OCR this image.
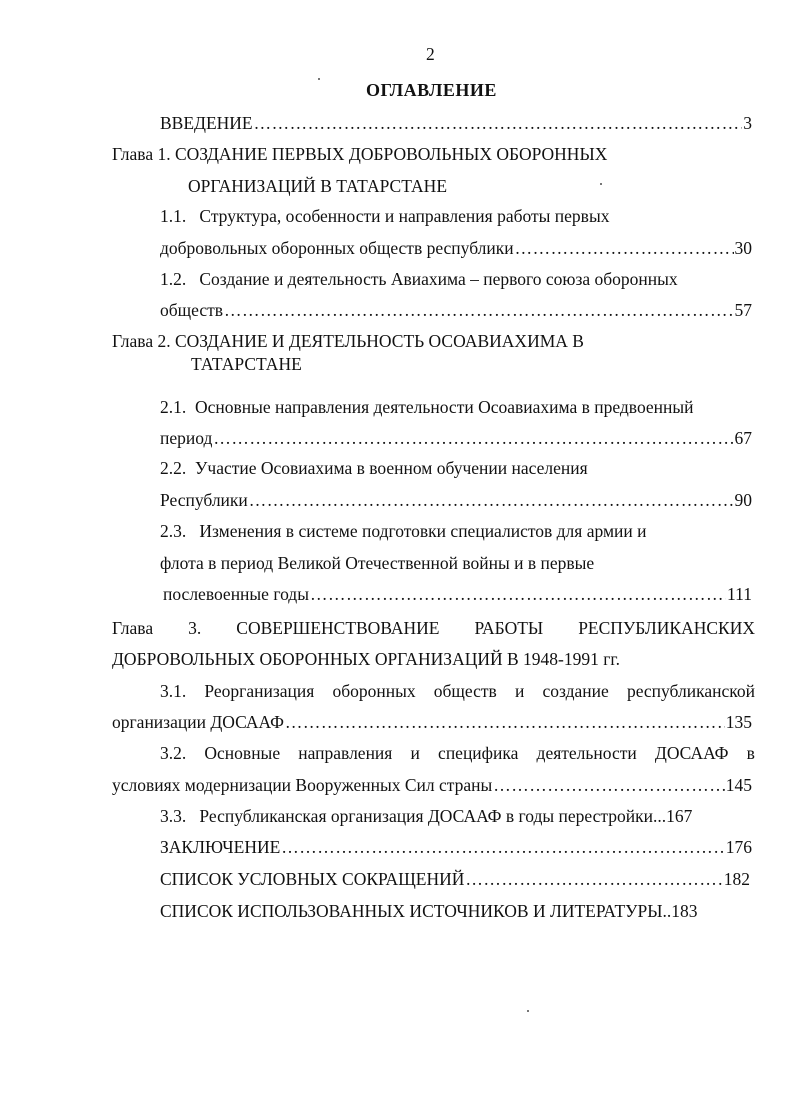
2
ОГЛАВЛЕНИЕ
ВВЕДЕНИЕ ……………………………………………………………………………………………………………………………………………………………………………………………………………………	3
Глава 1. СОЗДАНИЕ ПЕРВЫХ ДОБРОВОЛЬНЫХ ОБОРОННЫХ
ОРГАНИЗАЦИЙ В ТАТАРСТАНЕ
1.1. Структура, особенности и направления работы первых
добровольных оборонных обществ республики ……………………………………………………………………………………………………………………………………………………………………………………………………………………	30
1.2. Создание и деятельность Авиахима – первого союза оборонных
обществ ……………………………………………………………………………………………………………………………………………………………………………………………………………………	57
Глава 2. СОЗДАНИЕ И ДЕЯТЕЛЬНОСТЬ ОСОАВИАХИМА В
ТАТАРСТАНЕ
2.1. Основные направления деятельности Осоавиахима в предвоенный
период ……………………………………………………………………………………………………………………………………………………………………………………………………………………	67
2.2. Участие Осовиахима в военном обучении населения
Республики ……………………………………………………………………………………………………………………………………………………………………………………………………………………	90
2.3. Изменения в системе подготовки специалистов для армии и
флота в период Великой Отечественной войны и в первые
послевоенные годы ……………………………………………………………………………………………………………………………………………………………………………………………………………………	111
Глава 3. СОВЕРШЕНСТВОВАНИЕ РАБОТЫ РЕСПУБЛИКАНСКИХ
ДОБРОВОЛЬНЫХ ОБОРОННЫХ ОРГАНИЗАЦИЙ В 1948-1991 гг.
3.1. Реорганизация оборонных обществ и создание республиканской
организации ДОСААФ ……………………………………………………………………………………………………………………………………………………………………………………………………………………	135
3.2. Основные направления и специфика деятельности ДОСААФ в
условиях модернизации Вооруженных Сил страны ……………………………………………………………………………………………………………………………………………………………………………………………………………………	145
3.3. Республиканская организация ДОСААФ в годы перестройки...167
ЗАКЛЮЧЕНИЕ ……………………………………………………………………………………………………………………………………………………………………………………………………………………	176
СПИСОК УСЛОВНЫХ СОКРАЩЕНИЙ ……………………………………………………………………………………………………………………………………………………………………………………………………………………	182
СПИСОК ИСПОЛЬЗОВАННЫХ ИСТОЧНИКОВ И ЛИТЕРАТУРЫ..183
